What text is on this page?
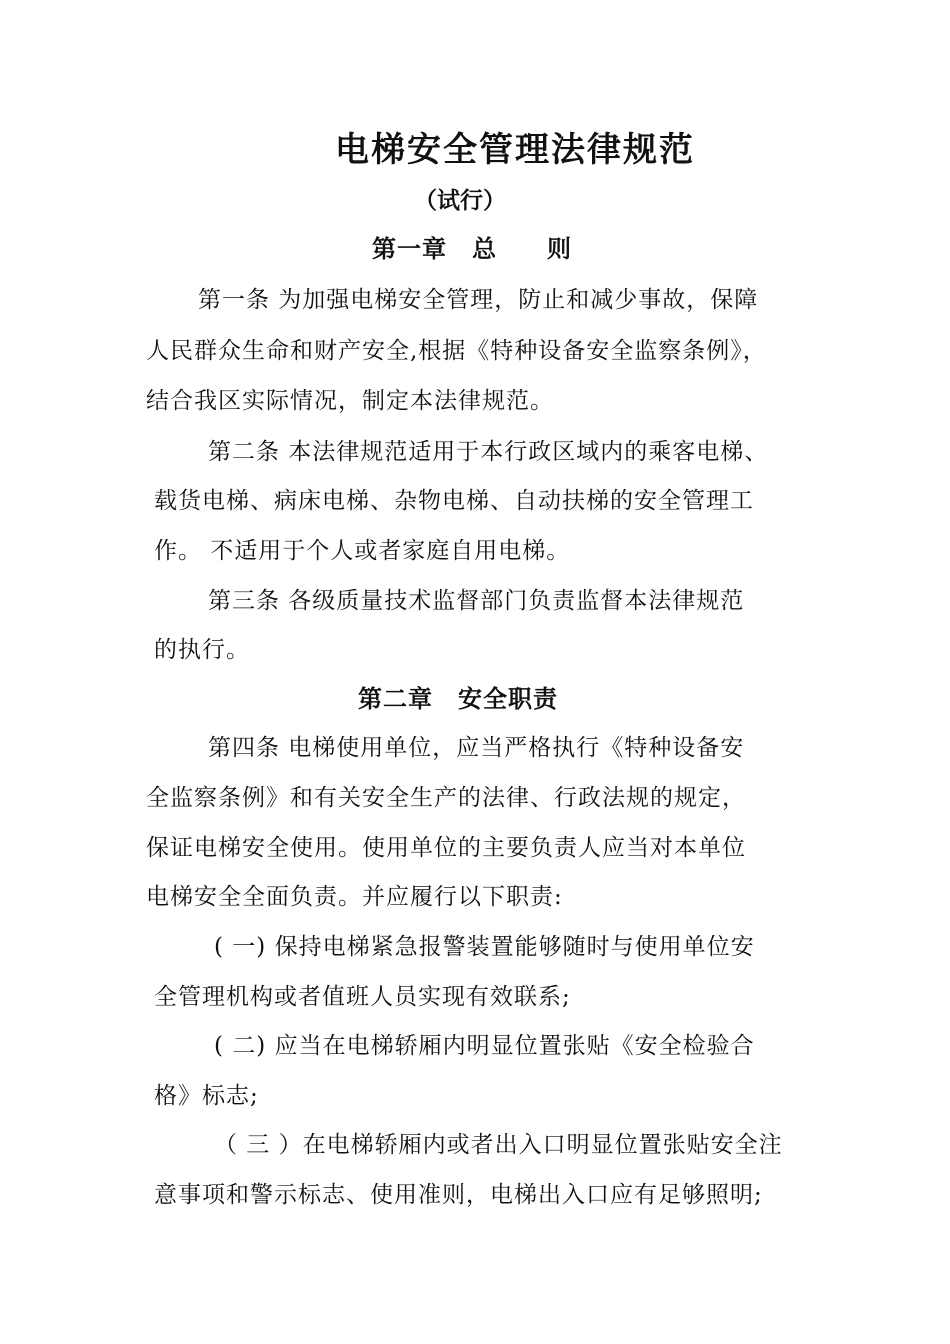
电梯安全管理法律规范
（试行）
第一章　总　　则
第一条 为加强电梯安全管理，防止和减少事故，保障
人民群众生命和财产安全,根据《特种设备安全监察条例》，
结合我区实际情况，制定本法律规范。
第二条 本法律规范适用于本行政区域内的乘客电梯、
载货电梯、病床电梯、杂物电梯、自动扶梯的安全管理工
作。 不适用于个人或者家庭自用电梯。
第三条 各级质量技术监督部门负责监督本法律规范
的执行。
第二章　安全职责
第四条 电梯使用单位，应当严格执行《特种设备安
全监察条例》和有关安全生产的法律、行政法规的规定，
保证电梯安全使用。使用单位的主要负责人应当对本单位
电梯安全全面负责。并应履行以下职责:
( 一) 保持电梯紧急报警装置能够随时与使用单位安
全管理机构或者值班人员实现有效联系;
( 二) 应当在电梯轿厢内明显位置张贴《安全检验合
格》标志;
（ 三 ）在电梯轿厢内或者出入口明显位置张贴安全注
意事项和警示标志、使用准则，电梯出入口应有足够照明;
